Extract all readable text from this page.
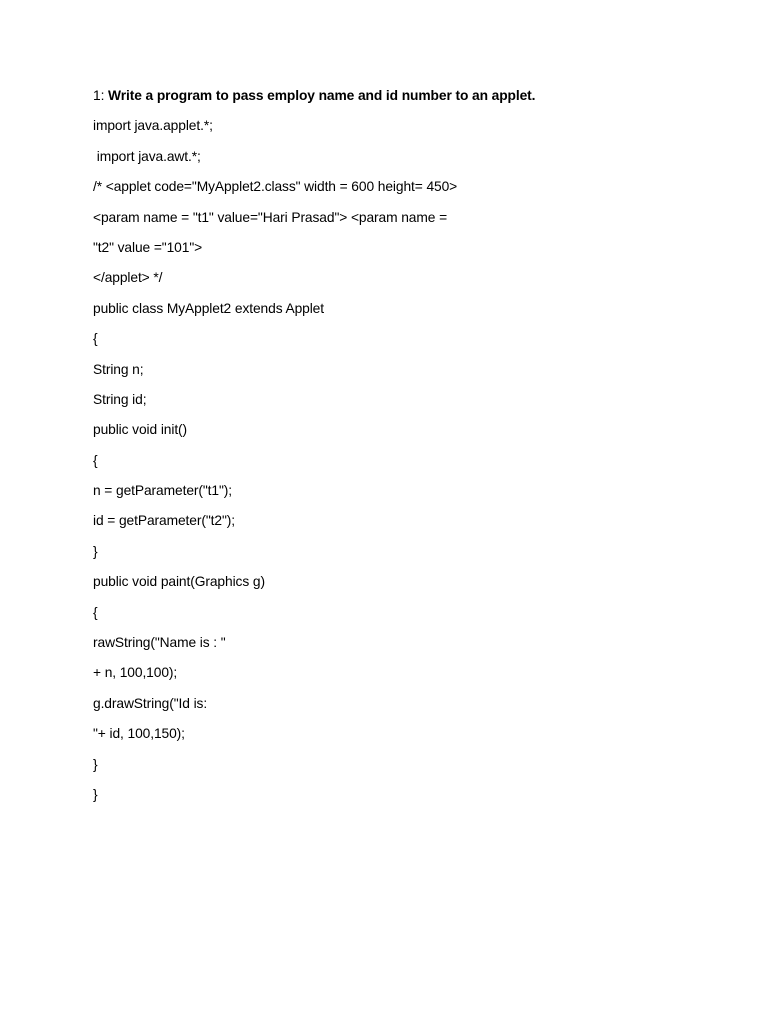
1: Write a program to pass employ name and id number to an applet.
import java.applet.*;
import java.awt.*;
/* <applet code="MyApplet2.class" width = 600 height= 450>
<param name = "t1" value="Hari Prasad"> <param name =
"t2" value ="101">
</applet> */
public class MyApplet2 extends Applet
{
String n;
String id;
public void init()
{
n = getParameter("t1");
id = getParameter("t2");
}
public void paint(Graphics g)
{
rawString("Name is : "
+ n, 100,100);
g.drawString("Id is:
"+ id, 100,150);
}
}
